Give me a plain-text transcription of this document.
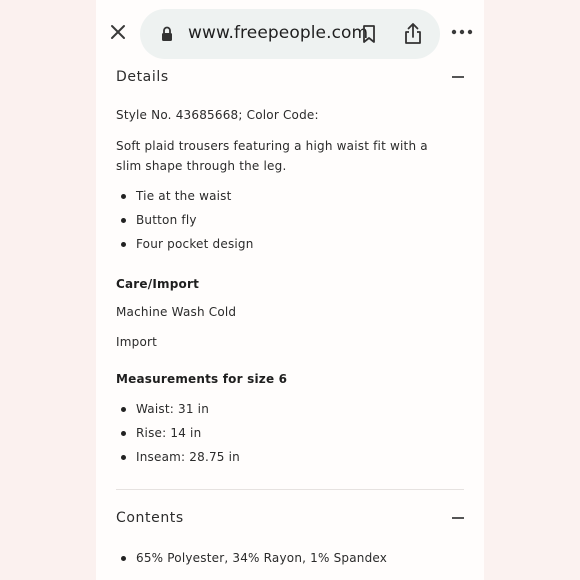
www.freepeople.com
Details
Style No. 43685668; Color Code:
Soft plaid trousers featuring a high waist fit with a slim shape through the leg.
Tie at the waist
Button fly
Four pocket design
Care/Import
Machine Wash Cold
Import
Measurements for size 6
Waist: 31 in
Rise: 14 in
Inseam: 28.75 in
Contents
65% Polyester, 34% Rayon, 1% Spandex
